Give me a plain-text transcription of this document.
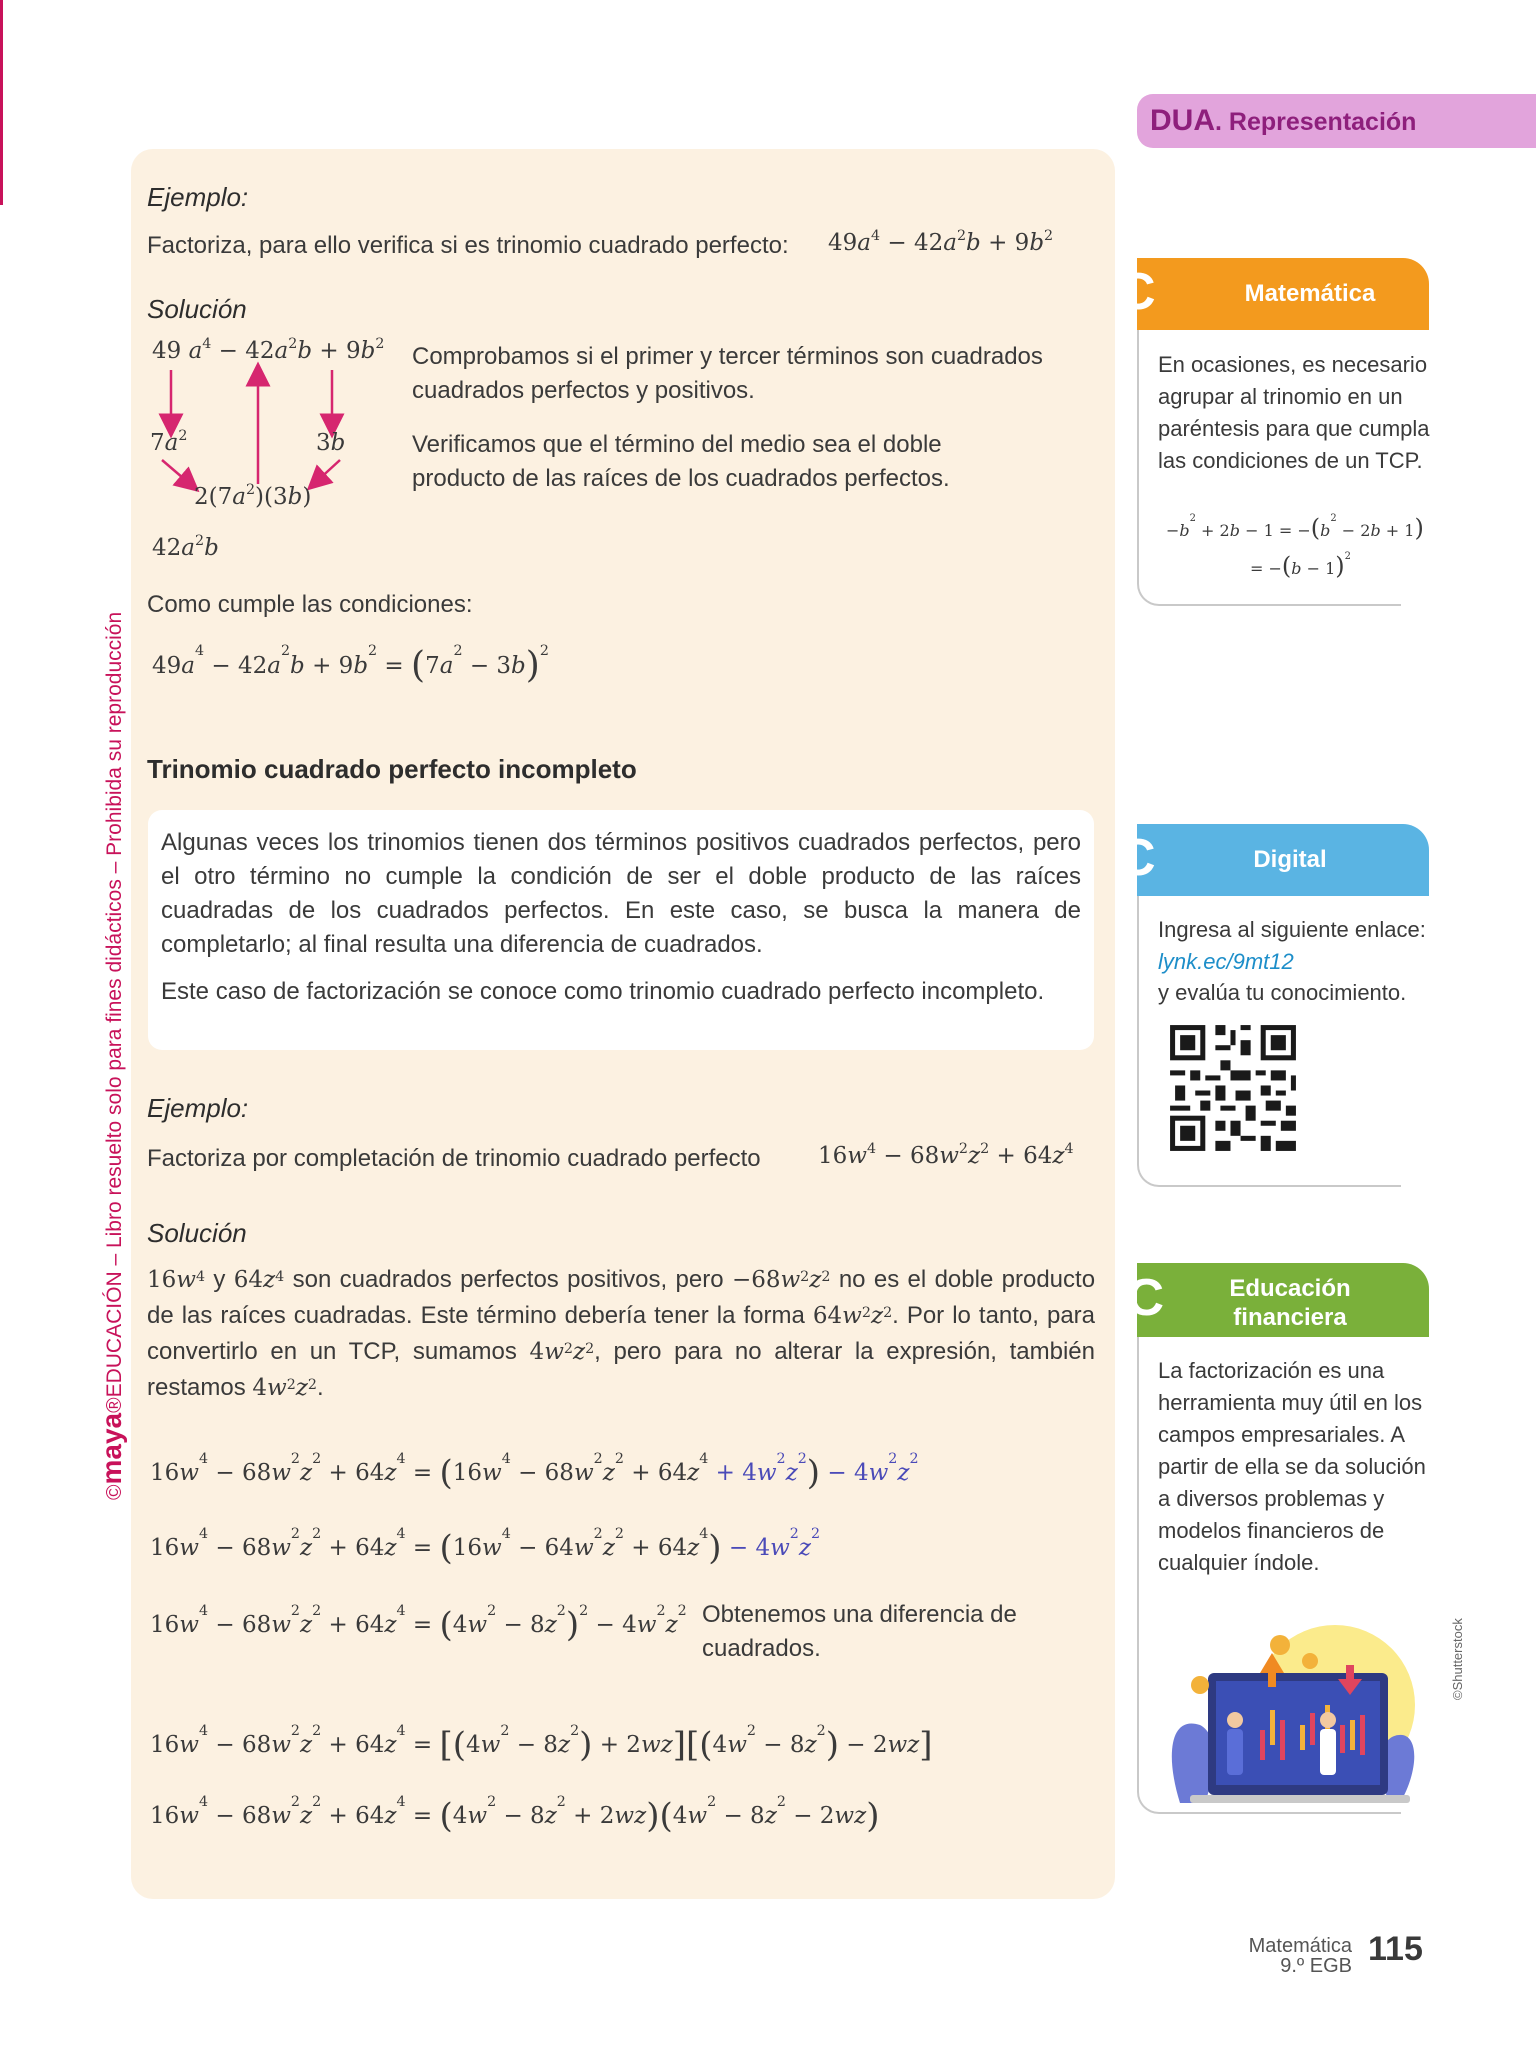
©maya®EDUCACIÓN – Libro resuelto solo para fines didácticos – Prohibida su reproducción
DUA. Representación
Ejemplo:
Factoriza, para ello verifica si es trinomio cuadrado perfecto: $49a^4 - 42a^2b + 9b^2$
Solución
49 $a^4 - 42a^2b + 9b^2$
$7a^2$	3b
$2(7a^2)(3b)$
$42a^2b$
Comprobamos si el primer y tercer términos son cuadrados cuadrados perfectos y positivos.
Verificamos que el término del medio sea el doble producto de las raíces de los cuadrados perfectos.
Como cumple las condiciones:
$49a^4 - 42a^2b + 9b^2 = (7a^2 - 3b)^2$
Trinomio cuadrado perfecto incompleto
Algunas veces los trinomios tienen dos términos positivos cuadrados perfectos, pero el otro término no cumple la condición de ser el doble producto de las raíces cuadradas de los cuadrados perfectos. En este caso, se busca la manera de completarlo; al final resulta una diferencia de cuadrados.
Este caso de factorización se conoce como trinomio cuadrado perfecto incompleto.
Ejemplo:
Factoriza por completación de trinomio cuadrado perfecto $16w^4 - 68w^2z^2 + 64z^4$
Solución
$16w^4$ y $64z^4$ son cuadrados perfectos positivos, pero $-68w^2z^2$ no es el doble producto de las raíces cuadradas. Este término debería tener la forma $64w^2z^2$. Por lo tanto, para convertirlo en un TCP, sumamos $4w^2z^2$, pero para no alterar la expresión, también restamos $4w^2z^2$.
$16w^4 - 68w^2z^2 + 64z^4 = (16w^4 - 68w^2z^2 + 64z^4 + 4w^2z^2) - 4w^2z^2$
$16w^4 - 68w^2z^2 + 64z^4 = (16w^4 - 64w^2z^2 + 64z^4) - 4w^2z^2$
$16w^4 - 68w^2z^2 + 64z^4 = (4w^2 - 8z^2)^2 - 4w^2z^2$ Obtenemos una diferencia de cuadrados.
$16w^4 - 68w^2z^2 + 64z^4 = [(4w^2 - 8z^2) + 2wz][(4w^2 - 8z^2) - 2wz]$
$16w^4 - 68w^2z^2 + 64z^4 = (4w^2 - 8z^2 + 2wz)(4w^2 - 8z^2 - 2wz)$
C	Matemática
En ocasiones, es necesario agrupar al trinomio en un paréntesis para que cumpla las condiciones de un TCP.
$-b^2 + 2b - 1 = -(b^2 - 2b + 1)$
= $-(b - 1)^2$
C	Digital
Ingresa al siguiente enlace:
lynk.ec/9mt12
y evalúa tu conocimiento.
IC	Educación
financiera
La factorización es una herramienta muy útil en los campos empresariales. A partir de ella se da solución a diversos problemas y modelos financieros de cualquier índole.
©Shutterstock
Matemática
9.º EGB 115
